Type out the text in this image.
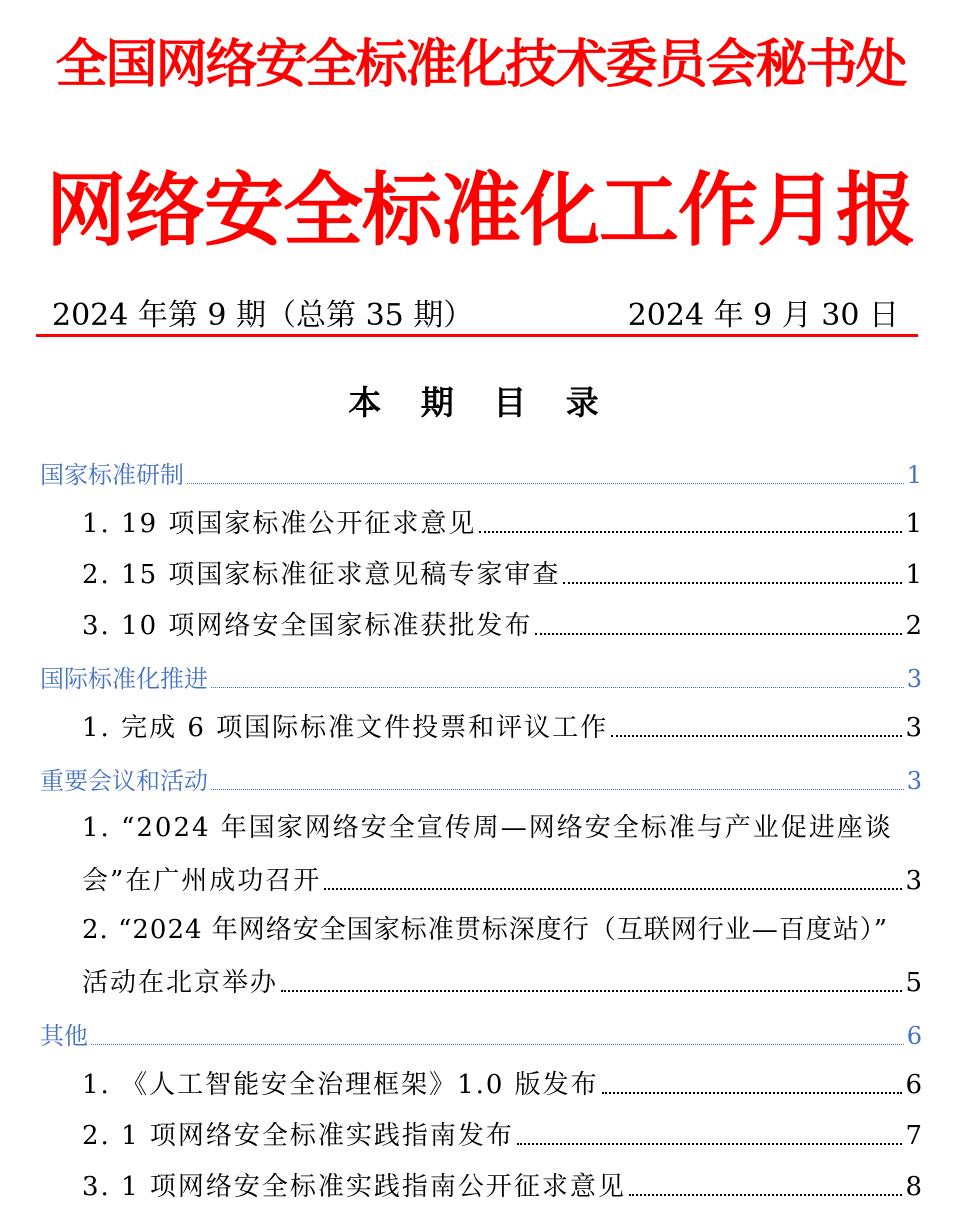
全国网络安全标准化技术委员会秘书处
网络安全标准化工作月报
2024 年第 9 期（总第 35 期）	2024 年 9 月 30 日
本 期 目 录
国家标准研制	1
1. 19 项国家标准公开征求意见	1
2. 15 项国家标准征求意见稿专家审查	1
3. 10 项网络安全国家标准获批发布	2
国际标准化推进	3
1. 完成 6 项国际标准文件投票和评议工作	3
重要会议和活动	3
1. “2024 年国家网络安全宣传周—网络安全标准与产业促进座谈
会”在广州成功召开	3
2. “2024 年网络安全国家标准贯标深度行（互联网行业—百度站）”
活动在北京举办	5
其他	6
1. 《人工智能安全治理框架》1.0 版发布	6
2. 1 项网络安全标准实践指南发布	7
3. 1 项网络安全标准实践指南公开征求意见	8
